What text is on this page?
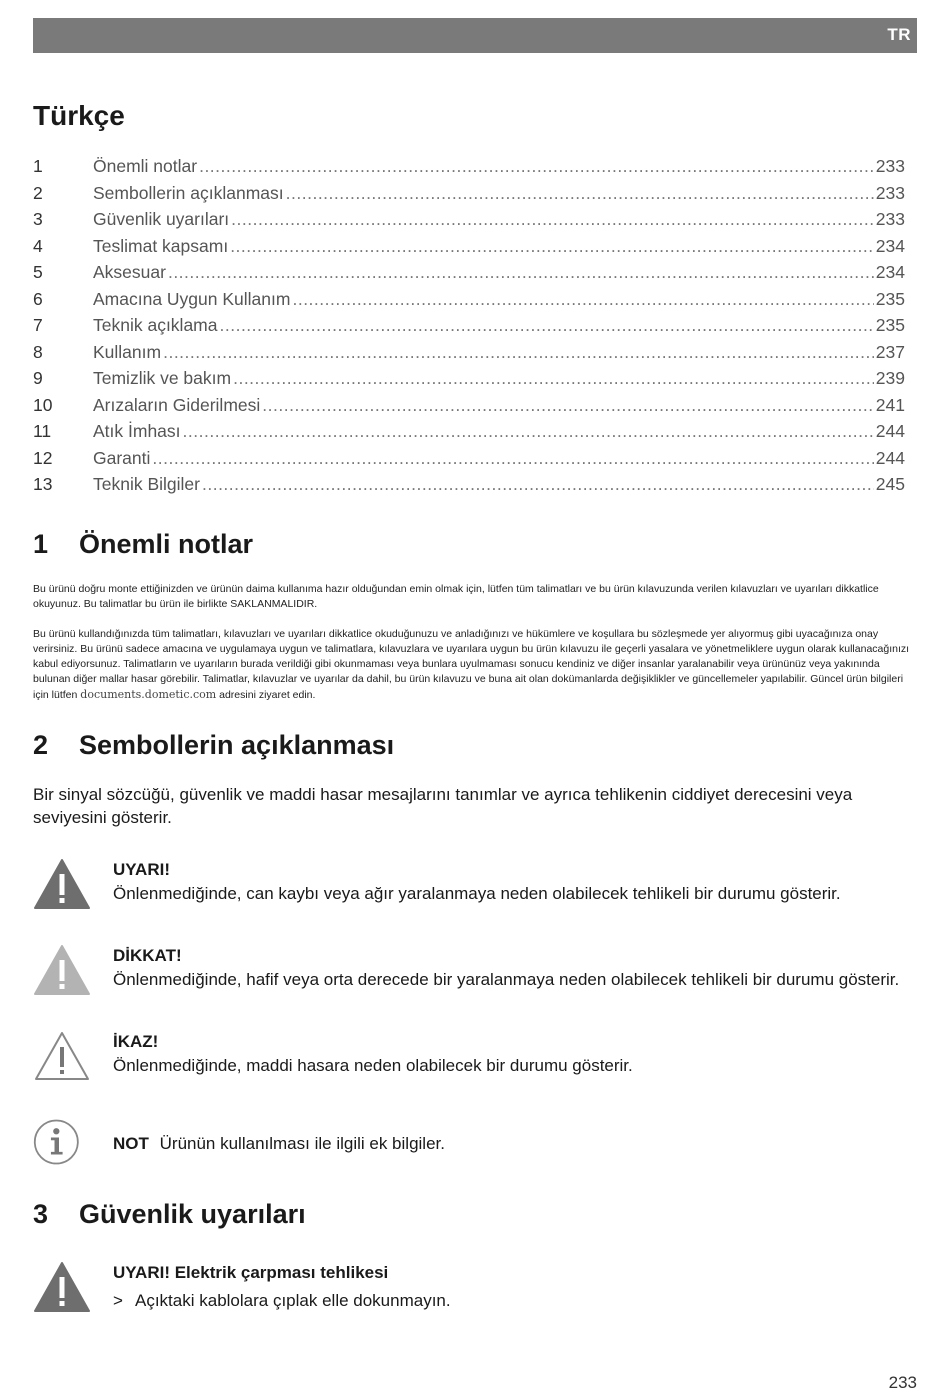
TR
Türkçe
1	Önemli notlar .....	233
2	Sembollerin açıklanması .....	233
3	Güvenlik uyarıları .....	233
4	Teslimat kapsamı .....	234
5	Aksesuar .....	234
6	Amacına Uygun Kullanım .....	235
7	Teknik açıklama .....	235
8	Kullanım .....	237
9	Temizlik ve bakım .....	239
10	Arızaların Giderilmesi .....	241
11	Atık İmhası .....	244
12	Garanti .....	244
13	Teknik Bilgiler .....	245
1	Önemli notlar

Bu ürünü doğru monte ettiğinizden ve ürünün daima kullanıma hazır olduğundan emin olmak için, lütfen tüm talimatları ve bu ürün kılavuzunda verilen kılavuzları ve uyarıları dikkatlice okuyunuz. Bu talimatlar bu ürün ile birlikte SAKLANMALIDIR.

Bu ürünü kullandığınızda tüm talimatları, kılavuzları ve uyarıları dikkatlice okuduğunuzu ve anladığınızı ve hükümlere ve koşullara bu sözleşmede yer alıyormuş gibi uyacağınıza onay verirsiniz. Bu ürünü sadece amacına ve uygulamaya uygun ve talimatlara, kılavuzlara ve uyarılara uygun bu ürün kılavuzu ile geçerli yasalara ve yönetmeliklere uygun olarak kullanacağınızı kabul ediyorsunuz. Talimatların ve uyarıların burada verildiği gibi okunmaması veya bunlara uyulmaması sonucu kendiniz ve diğer insanlar yaralanabilir veya ürününüz veya yakınında bulunan diğer mallar hasar görebilir. Talimatlar, kılavuzlar ve uyarılar da dahil, bu ürün kılavuzu ve buna ait olan dokümanlarda değişiklikler ve güncellemeler yapılabilir. Güncel ürün bilgileri için lütfen documents.dometic.com adresini ziyaret edin.

2	Sembollerin açıklanması

Bir sinyal sözcüğü, güvenlik ve maddi hasar mesajlarını tanımlar ve ayrıca tehlikenin ciddiyet derecesini veya seviyesini gösterir.

UYARI!
Önlenmediğinde, can kaybı veya ağır yaralanmaya neden olabilecek tehlikeli bir durumu gösterir.
DİKKAT!
Önlenmediğinde, hafif veya orta derecede bir yaralanmaya neden olabilecek tehlikeli bir durumu gösterir.
İKAZ!
Önlenmediğinde, maddi hasara neden olabilecek bir durumu gösterir.
NOT Ürünün kullanılması ile ilgili ek bilgiler.
3	Güvenlik uyarıları
UYARI! Elektrik çarpması tehlikesi
> Açıktaki kablolara çıplak elle dokunmayın.
233
